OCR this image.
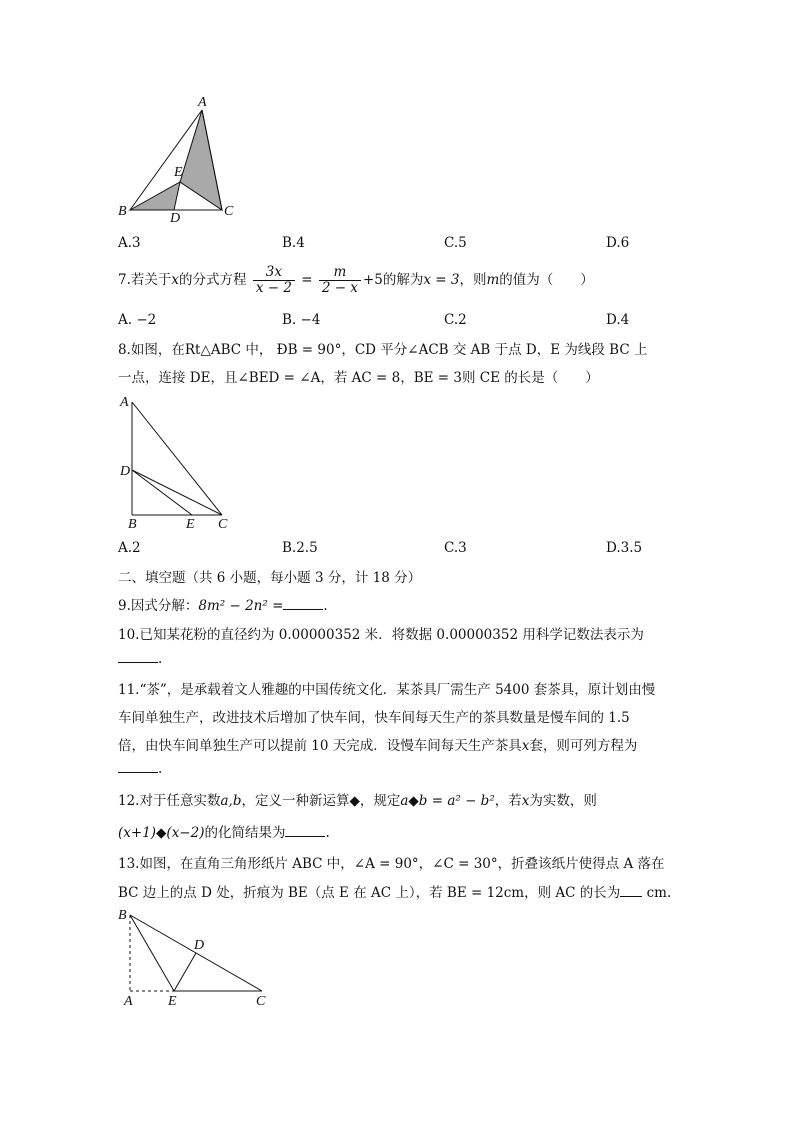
A
B	C
D
E
A.3	B.4	C.5	D.6
7.若关于x的分式方程 $\frac{3x}{x - 2} = \frac{m}{2 - x} +5$的解为x = 3，则m的值为（　　）
A. −2	B. −4	C.2	D.4
8.如图，在Rt△ABC 中， ÐB = 90°，CD 平分∠ACB 交 AB 于点 D，E 为线段 BC 上
一点，连接 DE，且∠BED = ∠A，若 AC = 8，BE = 3则 CE 的长是（　　）
A
D
B	E C
A.2	B.2.5	C.3	D.3.5
二、填空题（共 6 小题，每小题 3 分，计 18 分）
9.因式分解：8m² − 2n² =	.
10.已知某花粉的直径约为 0.00000352 米．将数据 0.00000352 用科学记数法表示为
.
11.“茶”，是承载着文人雅趣的中国传统文化．某茶具厂需生产 5400 套茶具，原计划由慢
车间单独生产，改进技术后增加了快车间，快车间每天生产的茶具数量是慢车间的 1.5
倍，由快车间单独生产可以提前 10 天完成．设慢车间每天生产茶具x套，则可列方程为
.
12.对于任意实数a,b，定义一种新运算◆，规定a◆b = a² − b²，若x为实数，则
(x+1)◆(x−2)的化简结果为	.
13.如图，在直角三角形纸片 ABC 中，∠A = 90°，∠C = 30°，折叠该纸片使得点 A 落在
BC 边上的点 D 处，折痕为 BE（点 E 在 AC 上），若 BE = 12cm，则 AC 的长为 cm.
B
D
A	E	C
